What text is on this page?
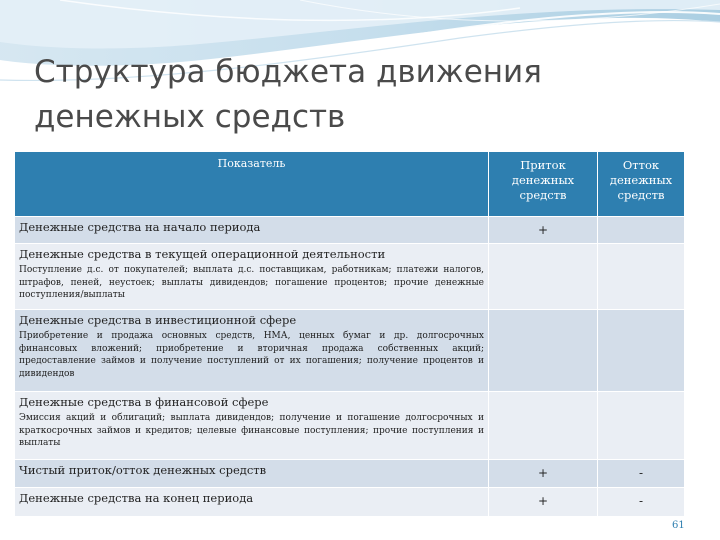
Структура бюджета движения денежных средств
Показатель	Приток денежных средств	Отток денежных средств

Денежные средства на начало периода	+	

Денежные средства в текущей операционной деятельности
Поступление д.с. от покупателей; выплата д.с. поставщикам, работникам; платежи налогов, штрафов, пеней, неустоек; выплаты дивидендов; погашение процентов; прочие денежные поступления/выплаты		

Денежные средства в инвестиционной сфере
Приобретение и продажа основных средств, НМА, ценных бумаг и др. долгосрочных финансовых вложений; приобретение и вторичная продажа собственных акций; предоставление займов и получение поступлений от их погашения; получение процентов и дивидендов		

Денежные средства в финансовой сфере
Эмиссия акций и облигаций; выплата дивидендов; получение и погашение долгосрочных и краткосрочных займов и кредитов; целевые финансовые поступления; прочие поступления и выплаты		

Чистый приток/отток денежных средств	+	-

Денежные средства на конец периода	+	-
61
